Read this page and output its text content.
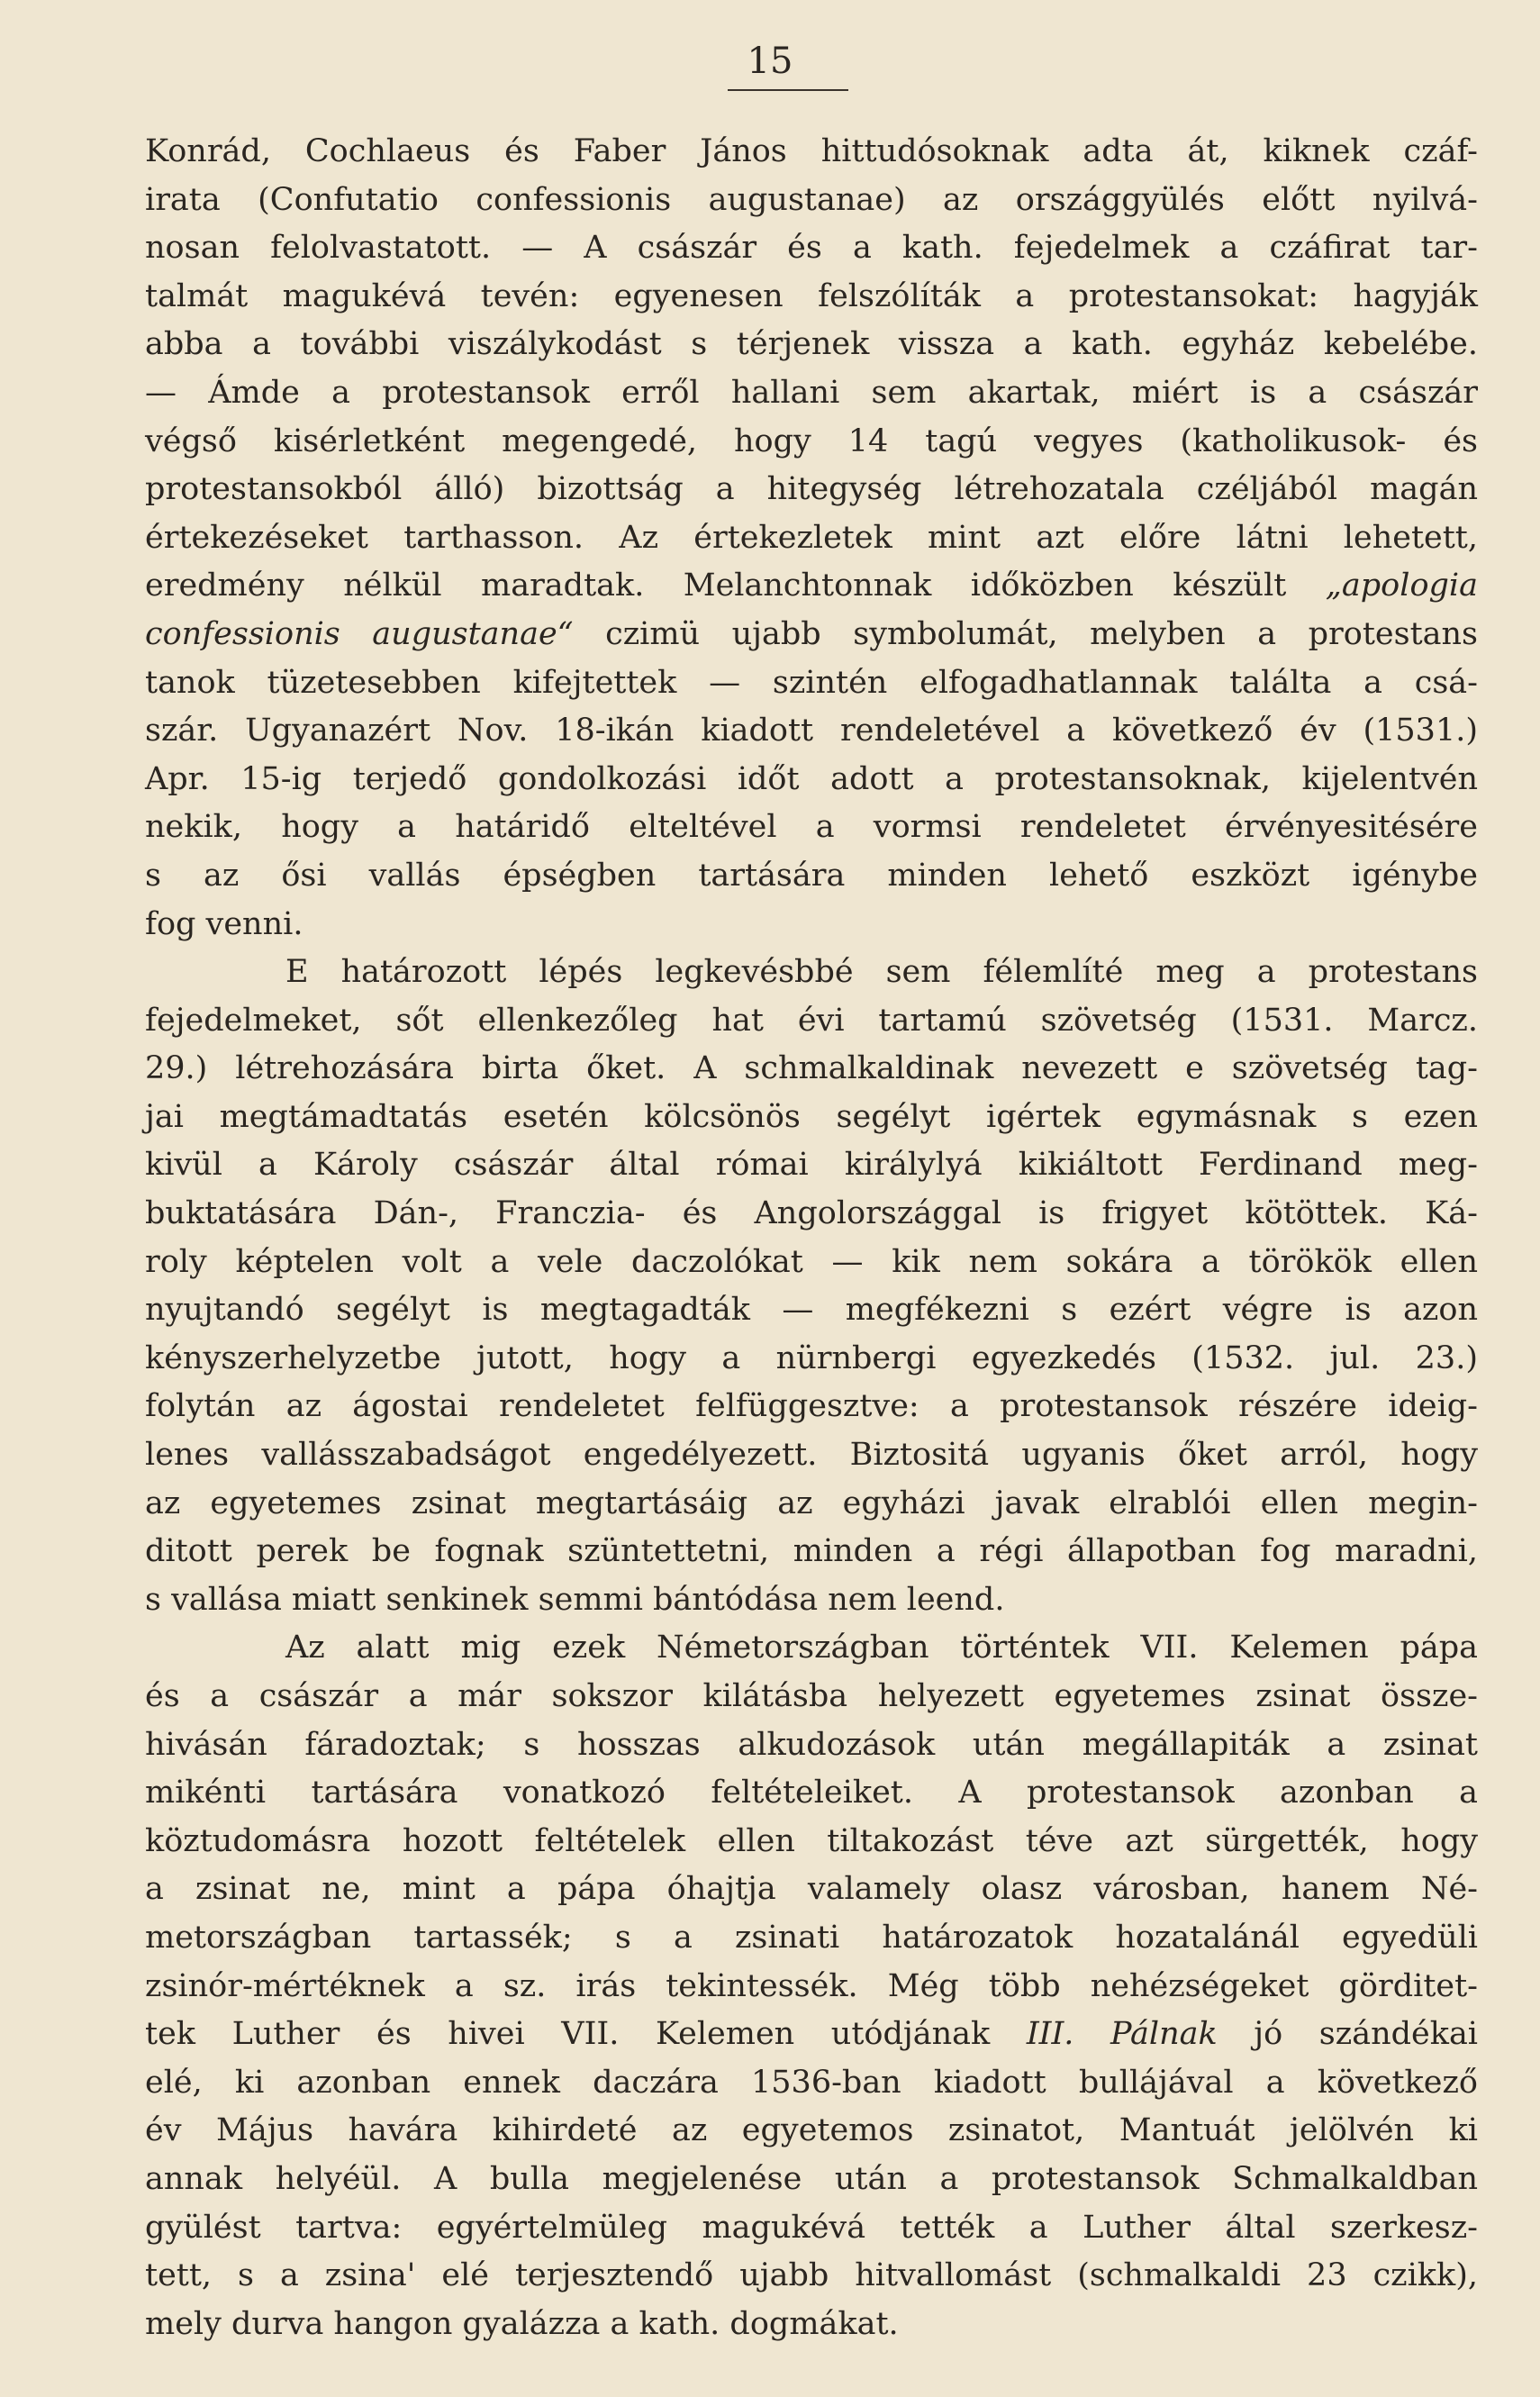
15
Konrád, Cochlaeus és Faber János hittudósoknak adta át, kiknek czáf-
irata (Confutatio confessionis augustanae) az országgyülés előtt nyilvá-
nosan felolvastatott. — A császár és a kath. fejedelmek a czáfirat tar-
talmát magukévá tevén: egyenesen felszólíták a protestansokat: hagyják
abba a további viszálykodást s térjenek vissza a kath. egyház kebelébe.
— Ámde a protestansok erről hallani sem akartak, miért is a császár
végső kisérletként megengedé, hogy 14 tagú vegyes (katholikusok- és
protestansokból álló) bizottság a hitegység létrehozatala czéljából magán
értekezéseket tarthasson. Az értekezletek mint azt előre látni lehetett,
eredmény nélkül maradtak. Melanchtonnak időközben készült „apologia
confessionis augustanae“ czimü ujabb symbolumát, melyben a protestans
tanok tüzetesebben kifejtettek — szintén elfogadhatlannak találta a csá-
szár. Ugyanazért Nov. 18-ikán kiadott rendeletével a következő év (1531.)
Apr. 15-ig terjedő gondolkozási időt adott a protestansoknak, kijelentvén
nekik, hogy a határidő elteltével a vormsi rendeletet érvényesitésére
s az ősi vallás épségben tartására minden lehető eszközt igénybe
fog venni.
E határozott lépés legkevésbbé sem félemlíté meg a protestans
fejedelmeket, sőt ellenkezőleg hat évi tartamú szövetség (1531. Marcz.
29.) létrehozására birta őket. A schmalkaldinak nevezett e szövetség tag-
jai megtámadtatás esetén kölcsönös segélyt igértek egymásnak s ezen
kivül a Károly császár által római királylyá kikiáltott Ferdinand meg-
buktatására Dán-, Franczia- és Angolországgal is frigyet kötöttek. Ká-
roly képtelen volt a vele daczolókat — kik nem sokára a törökök ellen
nyujtandó segélyt is megtagadták — megfékezni s ezért végre is azon
kényszerhelyzetbe jutott, hogy a nürnbergi egyezkedés (1532. jul. 23.)
folytán az ágostai rendeletet felfüggesztve: a protestansok részére ideig-
lenes vallásszabadságot engedélyezett. Biztositá ugyanis őket arról, hogy
az egyetemes zsinat megtartásáig az egyházi javak elrablói ellen megin-
ditott perek be fognak szüntettetni, minden a régi állapotban fog maradni,
s vallása miatt senkinek semmi bántódása nem leend.
Az alatt mig ezek Németországban történtek VII. Kelemen pápa
és a császár a már sokszor kilátásba helyezett egyetemes zsinat össze-
hivásán fáradoztak; s hosszas alkudozások után megállapiták a zsinat
mikénti tartására vonatkozó feltételeiket. A protestansok azonban a
köztudomásra hozott feltételek ellen tiltakozást téve azt sürgették, hogy
a zsinat ne, mint a pápa óhajtja valamely olasz városban, hanem Né-
metországban tartassék; s a zsinati határozatok hozatalánál egyedüli
zsinór-mértéknek a sz. irás tekintessék. Még több nehézségeket görditet-
tek Luther és hivei VII. Kelemen utódjának III. Pálnak jó szándékai
elé, ki azonban ennek daczára 1536-ban kiadott bullájával a következő
év Május havára kihirdeté az egyetemos zsinatot, Mantuát jelölvén ki
annak helyéül. A bulla megjelenése után a protestansok Schmalkaldban
gyülést tartva: egyértelmüleg magukévá tették a Luther által szerkesz-
tett, s a zsina' elé terjesztendő ujabb hitvallomást (schmalkaldi 23 czikk),
mely durva hangon gyalázza a kath. dogmákat.
